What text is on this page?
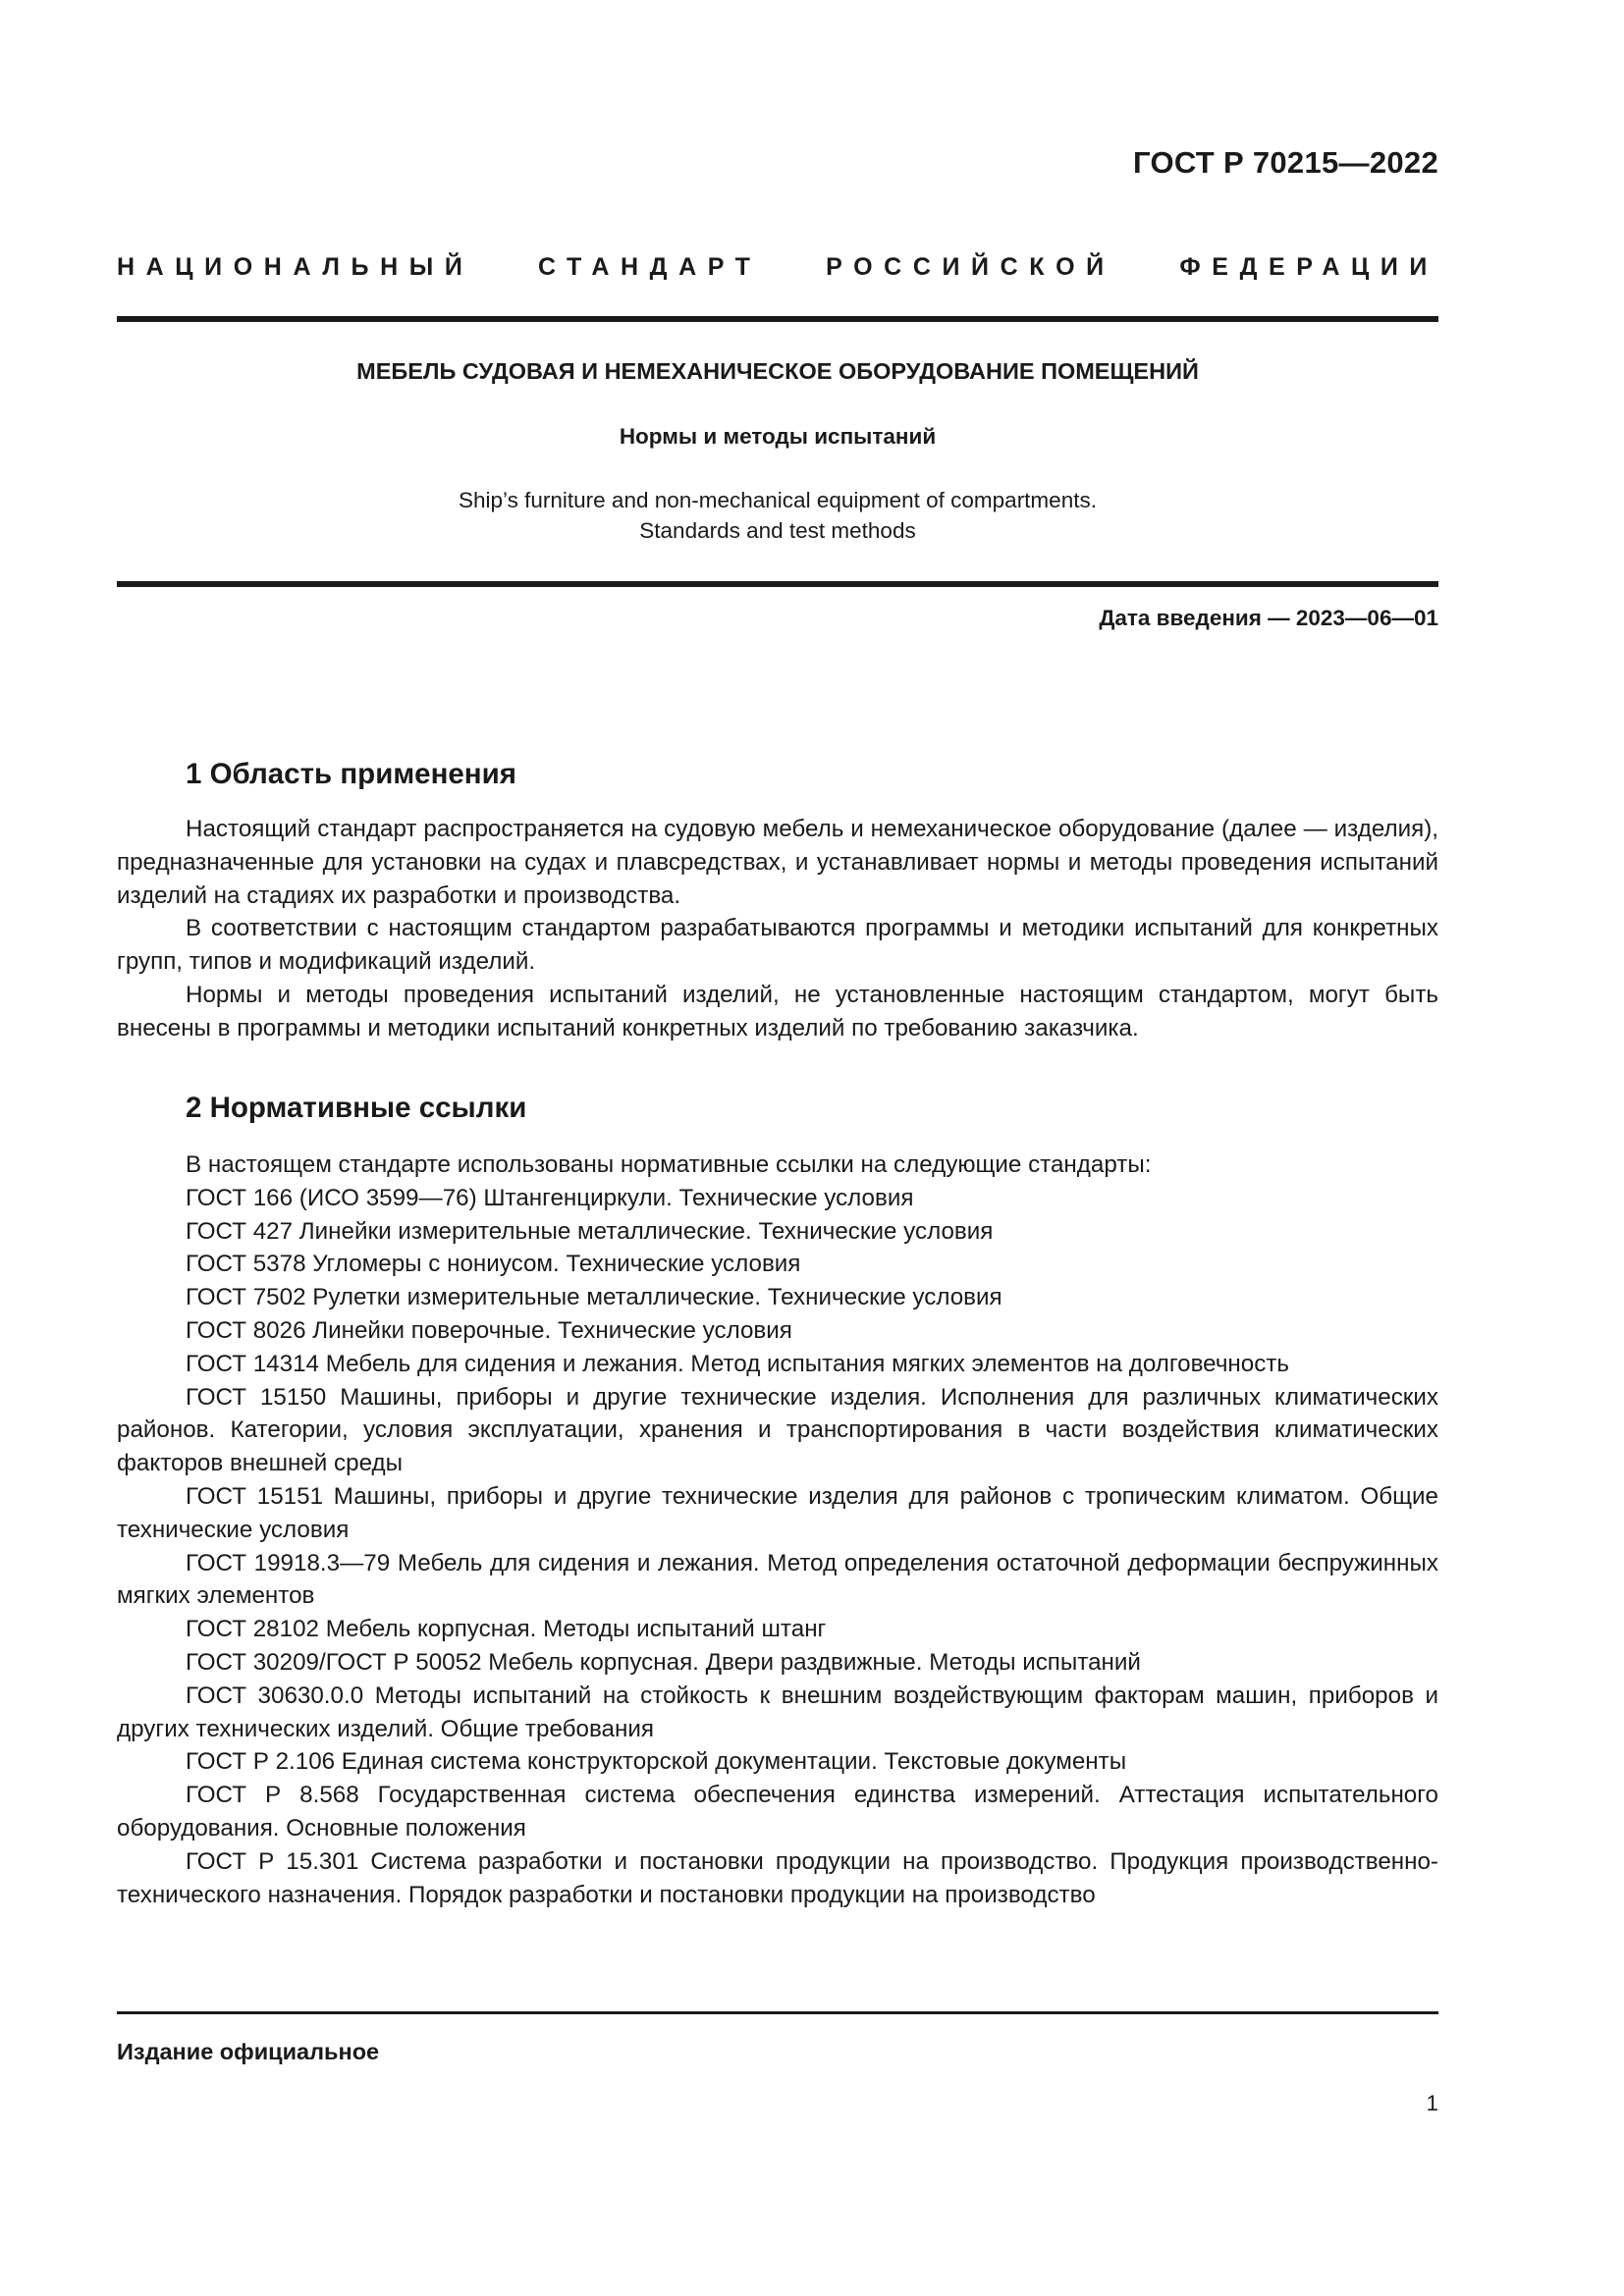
ГОСТ Р 70215—2022
НАЦИОНАЛЬНЫЙ СТАНДАРТ РОССИЙСКОЙ ФЕДЕРАЦИИ
МЕБЕЛЬ СУДОВАЯ И НЕМЕХАНИЧЕСКОЕ ОБОРУДОВАНИЕ ПОМЕЩЕНИЙ
Нормы и методы испытаний
Ship’s furniture and non-mechanical equipment of compartments.
Standards and test methods
Дата введения — 2023—06—01
1 Область применения

Настоящий стандарт распространяется на судовую мебель и немеханическое оборудование (далее — изделия), предназначенные для установки на судах и плавсредствах, и устанавливает нормы и методы проведения испытаний изделий на стадиях их разработки и производства.

В соответствии с настоящим стандартом разрабатываются программы и методики испытаний для конкретных групп, типов и модификаций изделий.

Нормы и методы проведения испытаний изделий, не установленные настоящим стандартом, могут быть внесены в программы и методики испытаний конкретных изделий по требованию заказчика.

2 Нормативные ссылки

В настоящем стандарте использованы нормативные ссылки на следующие стандарты:

ГОСТ 166 (ИСО 3599—76) Штангенциркули. Технические условия

ГОСТ 427 Линейки измерительные металлические. Технические условия

ГОСТ 5378 Угломеры с нониусом. Технические условия

ГОСТ 7502 Рулетки измерительные металлические. Технические условия

ГОСТ 8026 Линейки поверочные. Технические условия

ГОСТ 14314 Мебель для сидения и лежания. Метод испытания мягких элементов на долговечность

ГОСТ 15150 Машины, приборы и другие технические изделия. Исполнения для различных климатических районов. Категории, условия эксплуатации, хранения и транспортирования в части воздействия климатических факторов внешней среды

ГОСТ 15151 Машины, приборы и другие технические изделия для районов с тропическим климатом. Общие технические условия

ГОСТ 19918.3—79 Мебель для сидения и лежания. Метод определения остаточной деформации беспружинных мягких элементов

ГОСТ 28102 Мебель корпусная. Методы испытаний штанг

ГОСТ 30209/ГОСТ Р 50052 Мебель корпусная. Двери раздвижные. Методы испытаний

ГОСТ 30630.0.0 Методы испытаний на стойкость к внешним воздействующим факторам машин, приборов и других технических изделий. Общие требования

ГОСТ Р 2.106 Единая система конструкторской документации. Текстовые документы

ГОСТ Р 8.568 Государственная система обеспечения единства измерений. Аттестация испытательного оборудования. Основные положения

ГОСТ Р 15.301 Система разработки и постановки продукции на производство. Продукция производственно-технического назначения. Порядок разработки и постановки продукции на производство

Издание официальное
1
